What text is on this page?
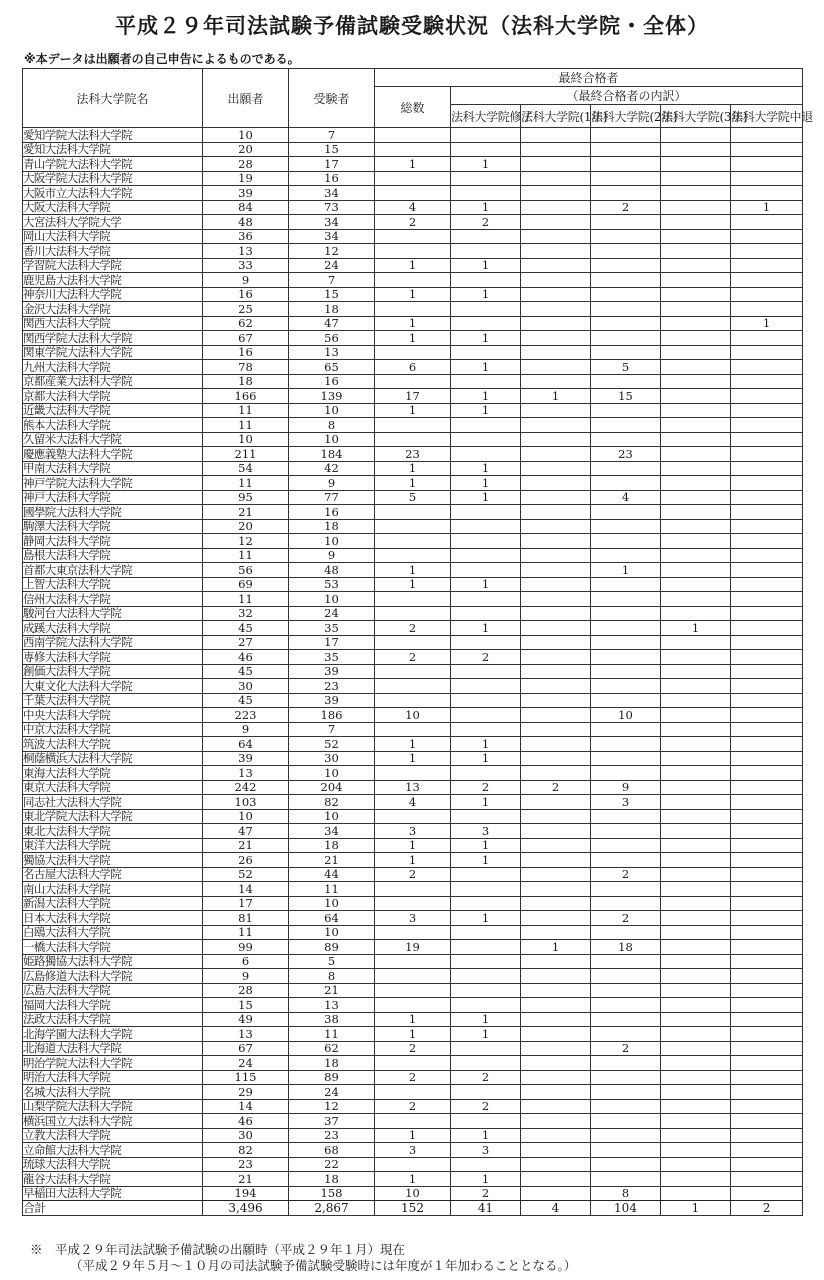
平成２９年司法試験予備試験受験状況（法科大学院・全体）
※本データは出願者の自己申告によるものである。
法科大学院名	出願者	受験者	最終合格者					
			総数	（最終合格者の内訳）				
				法科大学院修了	法科大学院(1年)	法科大学院(2年)	法科大学院(3年)	法科大学院中退
愛知学院大法科大学院	10	7						
愛知大法科大学院	20	15						
青山学院大法科大学院	28	17	1	1				
大阪学院大法科大学院	19	16						
大阪市立大法科大学院	39	34						
大阪大法科大学院	84	73	4	1		2		1
大宮法科大学院大学	48	34	2	2				
岡山大法科大学院	36	34						
香川大法科大学院	13	12						
学習院大法科大学院	33	24	1	1				
鹿児島大法科大学院	9	7						
神奈川大法科大学院	16	15	1	1				
金沢大法科大学院	25	18						
関西大法科大学院	62	47	1					1
関西学院大法科大学院	67	56	1	1				
関東学院大法科大学院	16	13						
九州大法科大学院	78	65	6	1		5		
京都産業大法科大学院	18	16						
京都大法科大学院	166	139	17	1	1	15		
近畿大法科大学院	11	10	1	1				
熊本大法科大学院	11	8						
久留米大法科大学院	10	10						
慶應義塾大法科大学院	211	184	23			23		
甲南大法科大学院	54	42	1	1				
神戸学院大法科大学院	11	9	1	1				
神戸大法科大学院	95	77	5	1		4		
國學院大法科大学院	21	16						
駒澤大法科大学院	20	18						
静岡大法科大学院	12	10						
島根大法科大学院	11	9						
首都大東京法科大学院	56	48	1			1		
上智大法科大学院	69	53	1	1				
信州大法科大学院	11	10						
駿河台大法科大学院	32	24						
成蹊大法科大学院	45	35	2	1			1	
西南学院大法科大学院	27	17						
専修大法科大学院	46	35	2	2				
創価大法科大学院	45	39						
大東文化大法科大学院	30	23						
千葉大法科大学院	45	39						
中央大法科大学院	223	186	10			10		
中京大法科大学院	9	7						
筑波大法科大学院	64	52	1	1				
桐蔭横浜大法科大学院	39	30	1	1				
東海大法科大学院	13	10						
東京大法科大学院	242	204	13	2	2	9		
同志社大法科大学院	103	82	4	1		3		
東北学院大法科大学院	10	10						
東北大法科大学院	47	34	3	3				
東洋大法科大学院	21	18	1	1				
獨協大法科大学院	26	21	1	1				
名古屋大法科大学院	52	44	2			2		
南山大法科大学院	14	11						
新潟大法科大学院	17	10						
日本大法科大学院	81	64	3	1		2		
白鴎大法科大学院	11	10						
一橋大法科大学院	99	89	19		1	18		
姫路獨協大法科大学院	6	5						
広島修道大法科大学院	9	8						
広島大法科大学院	28	21						
福岡大法科大学院	15	13						
法政大法科大学院	49	38	1	1				
北海学園大法科大学院	13	11	1	1				
北海道大法科大学院	67	62	2			2		
明治学院大法科大学院	24	18						
明治大法科大学院	115	89	2	2				
名城大法科大学院	29	24						
山梨学院大法科大学院	14	12	2	2				
横浜国立大法科大学院	46	37						
立教大法科大学院	30	23	1	1				
立命館大法科大学院	82	68	3	3				
琉球大法科大学院	23	22						
龍谷大法科大学院	21	18	1	1				
早稲田大法科大学院	194	158	10	2		8		
合計	3,496	2,867	152	41	4	104	1	2
※　平成２９年司法試験予備試験の出願時（平成２９年１月）現在
（平成２９年５月～１０月の司法試験予備試験受験時には年度が１年加わることとなる。）
